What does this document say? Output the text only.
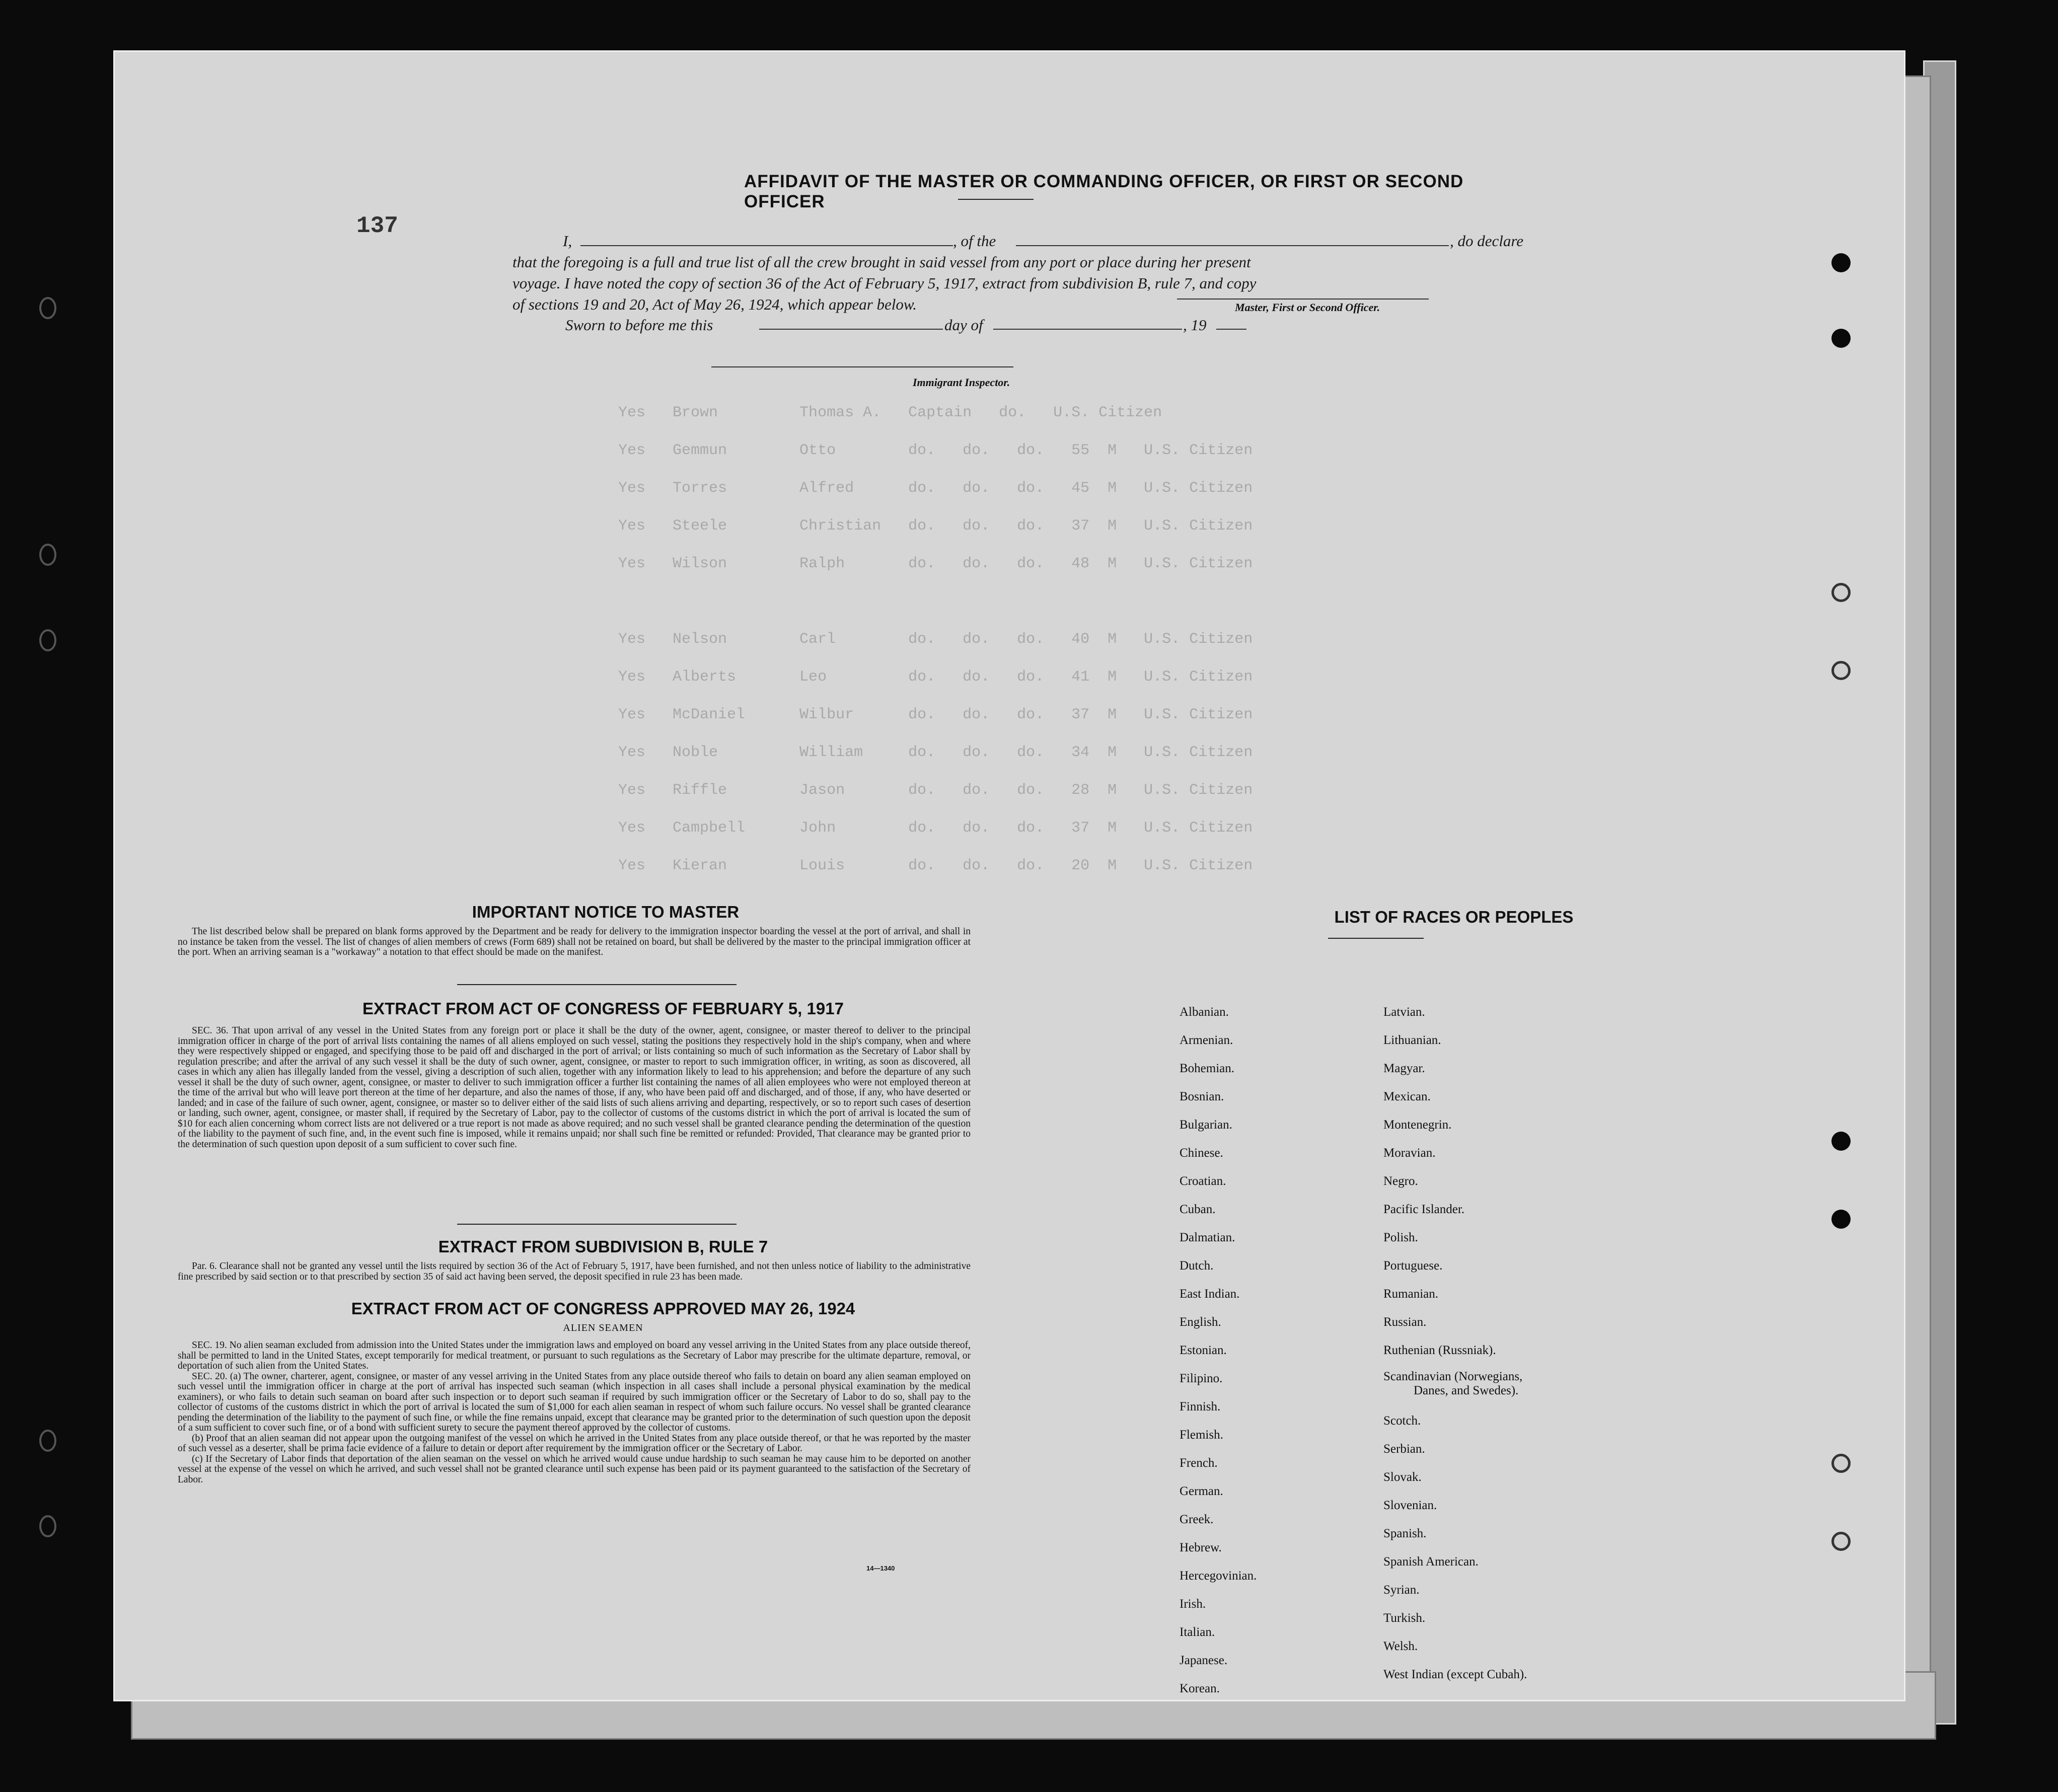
Yes   Brown         Thomas A.   Captain   do.   U.S. Citizen
Yes   Gemmun        Otto        do.   do.   do.   55  M   U.S. Citizen
Yes   Torres        Alfred      do.   do.   do.   45  M   U.S. Citizen
Yes   Steele        Christian   do.   do.   do.   37  M   U.S. Citizen
Yes   Wilson        Ralph       do.   do.   do.   48  M   U.S. Citizen
Yes   Nelson        Carl        do.   do.   do.   40  M   U.S. Citizen
Yes   Alberts       Leo         do.   do.   do.   41  M   U.S. Citizen
Yes   McDaniel      Wilbur      do.   do.   do.   37  M   U.S. Citizen
Yes   Noble         William     do.   do.   do.   34  M   U.S. Citizen
Yes   Riffle        Jason       do.   do.   do.   28  M   U.S. Citizen
Yes   Campbell      John        do.   do.   do.   37  M   U.S. Citizen
Yes   Kieran        Louis       do.   do.   do.   20  M   U.S. Citizen
AFFIDAVIT OF THE MASTER OR COMMANDING OFFICER, OR FIRST OR SECOND OFFICER
I,	, of the	, do declare
that the foregoing is a full and true list of all the crew brought in said vessel from any port or place during her present
voyage. I have noted the copy of section 36 of the Act of February 5, 1917, extract from subdivision B, rule 7, and copy
of sections 19 and 20, Act of May 26, 1924, which appear below.
137
Master, First or Second Officer.
Sworn to before me this	day of	, 19
Immigrant Inspector.
IMPORTANT NOTICE TO MASTER

The list described below shall be prepared on blank forms approved by the Department and be ready for delivery to the immigration inspector boarding the vessel at the port of arrival, and shall in no instance be taken from the vessel. The list of changes of alien members of crews (Form 689) shall not be retained on board, but shall be delivered by the master to the principal immigration officer at the port. When an arriving seaman is a "workaway" a notation to that effect should be made on the manifest.

EXTRACT FROM ACT OF CONGRESS OF FEBRUARY 5, 1917

SEC. 36. That upon arrival of any vessel in the United States from any foreign port or place it shall be the duty of the owner, agent, consignee, or master thereof to deliver to the principal immigration officer in charge of the port of arrival lists containing the names of all aliens employed on such vessel, stating the positions they respectively hold in the ship's company, when and where they were respectively shipped or engaged, and specifying those to be paid off and discharged in the port of arrival; or lists containing so much of such information as the Secretary of Labor shall by regulation prescribe; and after the arrival of any such vessel it shall be the duty of such owner, agent, consignee, or master to report to such immigration officer, in writing, as soon as discovered, all cases in which any alien has illegally landed from the vessel, giving a description of such alien, together with any information likely to lead to his apprehension; and before the departure of any such vessel it shall be the duty of such owner, agent, consignee, or master to deliver to such immigration officer a further list containing the names of all alien employees who were not employed thereon at the time of the arrival but who will leave port thereon at the time of her departure, and also the names of those, if any, who have been paid off and discharged, and of those, if any, who have deserted or landed; and in case of the failure of such owner, agent, consignee, or master so to deliver either of the said lists of such aliens arriving and departing, respectively, or so to report such cases of desertion or landing, such owner, agent, consignee, or master shall, if required by the Secretary of Labor, pay to the collector of customs of the customs district in which the port of arrival is located the sum of $10 for each alien concerning whom correct lists are not delivered or a true report is not made as above required; and no such vessel shall be granted clearance pending the determination of the question of the liability to the payment of such fine, and, in the event such fine is imposed, while it remains unpaid; nor shall such fine be remitted or refunded: Provided, That clearance may be granted prior to the determination of such question upon deposit of a sum sufficient to cover such fine.

EXTRACT FROM SUBDIVISION B, RULE 7

Par. 6. Clearance shall not be granted any vessel until the lists required by section 36 of the Act of February 5, 1917, have been furnished, and not then unless notice of liability to the administrative fine prescribed by said section or to that prescribed by section 35 of said act having been served, the deposit specified in rule 23 has been made.

EXTRACT FROM ACT OF CONGRESS APPROVED MAY 26, 1924
ALIEN SEAMEN

SEC. 19. No alien seaman excluded from admission into the United States under the immigration laws and employed on board any vessel arriving in the United States from any place outside thereof, shall be permitted to land in the United States, except temporarily for medical treatment, or pursuant to such regulations as the Secretary of Labor may prescribe for the ultimate departure, removal, or deportation of such alien from the United States.

SEC. 20. (a) The owner, charterer, agent, consignee, or master of any vessel arriving in the United States from any place outside thereof who fails to detain on board any alien seaman employed on such vessel until the immigration officer in charge at the port of arrival has inspected such seaman (which inspection in all cases shall include a personal physical examination by the medical examiners), or who fails to detain such seaman on board after such inspection or to deport such seaman if required by such immigration officer or the Secretary of Labor to do so, shall pay to the collector of customs of the customs district in which the port of arrival is located the sum of $1,000 for each alien seaman in respect of whom such failure occurs. No vessel shall be granted clearance pending the determination of the liability to the payment of such fine, or while the fine remains unpaid, except that clearance may be granted prior to the determination of such question upon the deposit of a sum sufficient to cover such fine, or of a bond with sufficient surety to secure the payment thereof approved by the collector of customs.

(b) Proof that an alien seaman did not appear upon the outgoing manifest of the vessel on which he arrived in the United States from any place outside thereof, or that he was reported by the master of such vessel as a deserter, shall be prima facie evidence of a failure to detain or deport after requirement by the immigration officer or the Secretary of Labor.

(c) If the Secretary of Labor finds that deportation of the alien seaman on the vessel on which he arrived would cause undue hardship to such seaman he may cause him to be deported on another vessel at the expense of the vessel on which he arrived, and such vessel shall not be granted clearance until such expense has been paid or its payment guaranteed to the satisfaction of the Secretary of Labor.

14—1340
LIST OF RACES OR PEOPLES
Albanian.
Armenian.
Bohemian.
Bosnian.
Bulgarian.
Chinese.
Croatian.
Cuban.
Dalmatian.
Dutch.
East Indian.
English.
Estonian.
Filipino.
Finnish.
Flemish.
French.
German.
Greek.
Hebrew.
Hercegovinian.
Irish.
Italian.
Japanese.
Korean.
Latvian.
Lithuanian.
Magyar.
Mexican.
Montenegrin.
Moravian.
Negro.
Pacific Islander.
Polish.
Portuguese.
Rumanian.
Russian.
Ruthenian (Russniak).
Scandinavian (Norwegians,
Danes, and Swedes).
Scotch.
Serbian.
Slovak.
Slovenian.
Spanish.
Spanish American.
Syrian.
Turkish.
Welsh.
West Indian (except Cubah).
